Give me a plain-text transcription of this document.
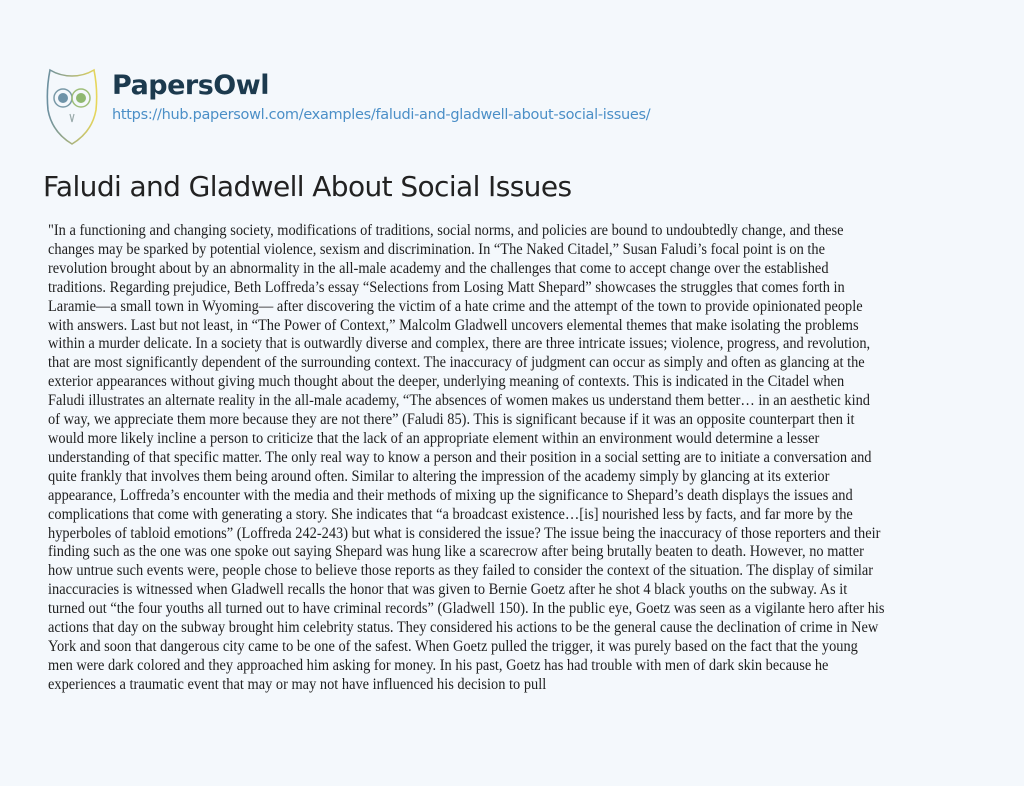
PapersOwl
https://hub.papersowl.com/examples/faludi-and-gladwell-about-social-issues/
Faludi and Gladwell About Social Issues
"In a functioning and changing society, modifications of traditions, social norms, and policies are bound to undoubtedly change, and these
changes may be sparked by potential violence, sexism and discrimination. In “The Naked Citadel,” Susan Faludi’s focal point is on the
revolution brought about by an abnormality in the all-male academy and the challenges that come to accept change over the established
traditions. Regarding prejudice, Beth Loffreda’s essay “Selections from Losing Matt Shepard” showcases the struggles that comes forth in
Laramie—a small town in Wyoming— after discovering the victim of a hate crime and the attempt of the town to provide opinionated people
with answers. Last but not least, in “The Power of Context,” Malcolm Gladwell uncovers elemental themes that make isolating the problems
within a murder delicate. In a society that is outwardly diverse and complex, there are three intricate issues; violence, progress, and revolution,
that are most significantly dependent of the surrounding context. The inaccuracy of judgment can occur as simply and often as glancing at the
exterior appearances without giving much thought about the deeper, underlying meaning of contexts. This is indicated in the Citadel when
Faludi illustrates an alternate reality in the all-male academy, “The absences of women makes us understand them better… in an aesthetic kind
of way, we appreciate them more because they are not there” (Faludi 85). This is significant because if it was an opposite counterpart then it
would more likely incline a person to criticize that the lack of an appropriate element within an environment would determine a lesser
understanding of that specific matter. The only real way to know a person and their position in a social setting are to initiate a conversation and
quite frankly that involves them being around often. Similar to altering the impression of the academy simply by glancing at its exterior
appearance, Loffreda’s encounter with the media and their methods of mixing up the significance to Shepard’s death displays the issues and
complications that come with generating a story. She indicates that “a broadcast existence…[is] nourished less by facts, and far more by the
hyperboles of tabloid emotions” (Loffreda 242-243) but what is considered the issue? The issue being the inaccuracy of those reporters and their
finding such as the one was one spoke out saying Shepard was hung like a scarecrow after being brutally beaten to death. However, no matter
how untrue such events were, people chose to believe those reports as they failed to consider the context of the situation. The display of similar
inaccuracies is witnessed when Gladwell recalls the honor that was given to Bernie Goetz after he shot 4 black youths on the subway. As it
turned out “the four youths all turned out to have criminal records” (Gladwell 150). In the public eye, Goetz was seen as a vigilante hero after his
actions that day on the subway brought him celebrity status. They considered his actions to be the general cause the declination of crime in New
York and soon that dangerous city came to be one of the safest. When Goetz pulled the trigger, it was purely based on the fact that the young
men were dark colored and they approached him asking for money. In his past, Goetz has had trouble with men of dark skin because he
experiences a traumatic event that may or may not have influenced his decision to pull
